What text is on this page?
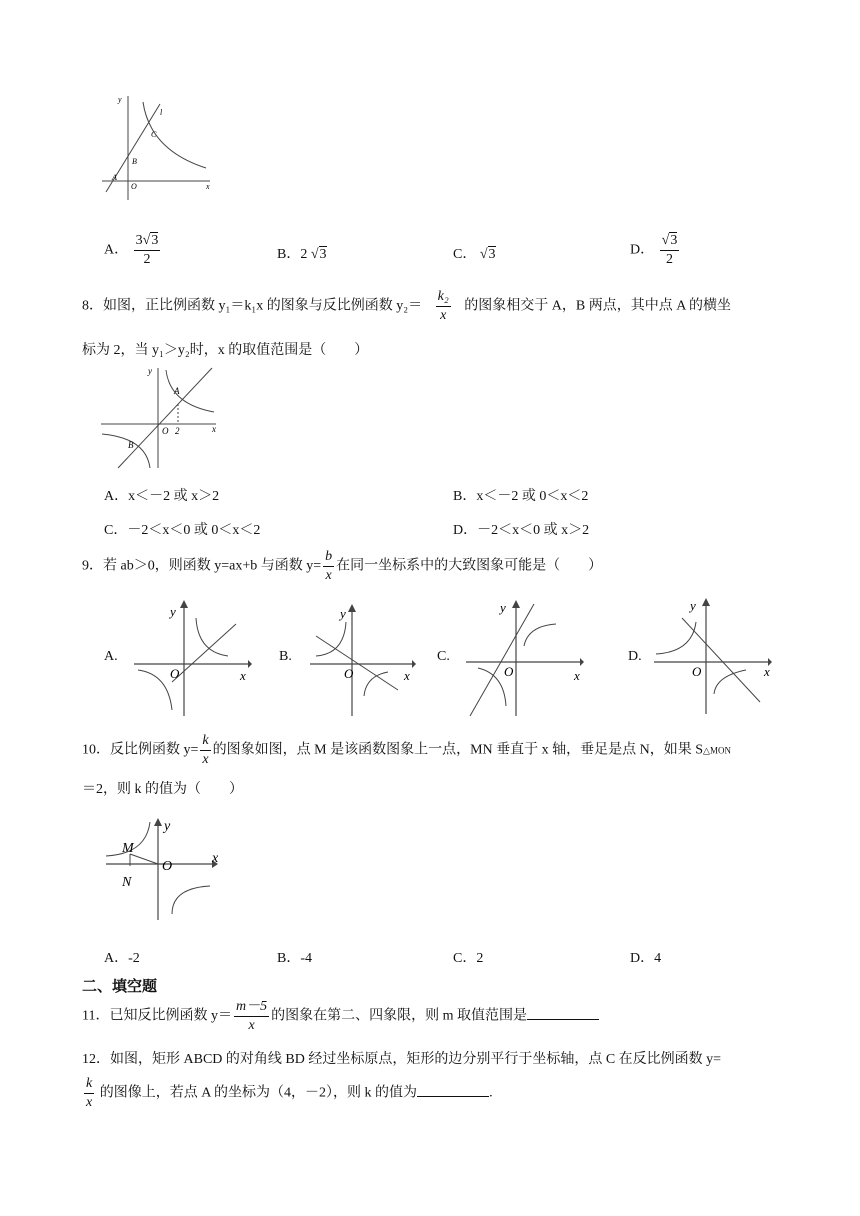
y
x
O
A
B
C
l
A． $\frac{3√3}{2}$	B．2 √3	C． √3	D． $\frac{√3}{2}$
8．如图，正比例函数 y₁＝k₁x 的图象与反比例函数 $y_2= \frac{\text{k₂}}{x}$ 的图象相交于 A，B 两点，其中点 A 的横坐
标为 2，当 y₁＞y₂时，x 的取值范围是（　　）
y
x
O
A
B
2
A．x＜－2 或 x＞2	B．x＜－2 或 0＜x＜2
C．－2＜x＜0 或 0＜x＜2	D．－2＜x＜0 或 x＞2
9．若 ab＞0，则函数 y=ax+b 与函数 $y= \frac{b}{x}$ 在同一坐标系中的大致图象可能是（　　）
A.
y
x
O
B.
y
x
O
C.
y
x
O
D.
y
x
O
10．反比例函数 $y= \frac{k}{x}$ 的图象如图，点 M 是该函数图象上一点，MN 垂直于 x 轴，垂足是点 N，如果 S△MON
＝2，则 k 的值为（　　）
M
N
O
x
y
A．-2	B．-4	C．2	D．4
二、填空题
11．已知反比例函数 $y= \frac{m-5}{x}$ 的图象在第二、四象限，则 m 取值范围是
12．如图，矩形 ABCD 的对角线 BD 经过坐标原点，矩形的边分别平行于坐标轴，点 C 在反比例函数 y=
$\frac{k}{x}$ 的图像上，若点 A 的坐标为（4，－2），则 k 的值为	.
